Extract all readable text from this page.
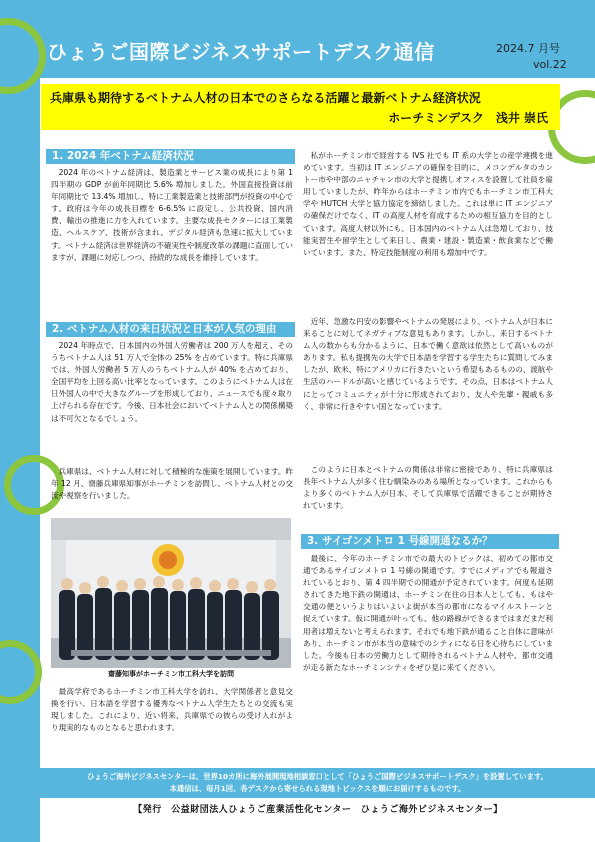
ひょうご国際ビジネスサポートデスク通信	2024.7 月号
vol.22
兵庫県も期待するベトナム人材の日本でのさらなる活躍と最新ベトナム経済状況
ホーチミンデスク　浅井 崇氏
1. 2024 年ベトナム経済状況
2024 年のベトナム経済は、製造業とサービス業の成長により第 1 四半期の GDP が前年同期比 5.6% 増加しました。外国直接投資は前年同期比で 13.4% 増加し、特に工業製造業と技術部門が投資の中心です。政府は今年の成長目標を 6-6.5% に設定し、公共投資、国内消費、輸出の推進に力を入れています。主要な成長セクターには工業製造、ヘルスケア、技術が含まれ、デジタル経済も急速に拡大しています。ベトナム経済は世界経済の不確実性や制度改革の課題に直面していますが、課題に対応しつつ、持続的な成長を維持しています。
2. ベトナム人材の来日状況と日本が人気の理由
2024 年時点で、日本国内の外国人労働者は 200 万人を超え、そのうちベトナム人は 51 万人で全体の 25% を占めています。特に兵庫県では、外国人労働者 5 万人のうちベトナム人が 40% を占めており、全国平均を上回る高い比率となっています。このようにベトナム人は在日外国人の中で大きなグループを形成しており、ニュースでも度々取り上げられる存在です。今後、日本社会においてベトナム人との関係構築は不可欠となるでしょう。
兵庫県は、ベトナム人材に対して積極的な施策を展開しています。昨年 12 月、齋藤兵庫県知事がホーチミンを訪問し、ベトナム人材との交流や視察を行いました。
齋藤知事がホーチミン市工科大学を訪問
最高学府であるホーチミン市工科大学を訪れ、大学関係者と意見交換を行い、日本語を学習する優秀なベトナム人学生たちとの交流も実現しました。これにより、近い将来、兵庫県での彼らの受け入れがより現実的なものとなると思われます。
私がホーチミン市で経営する IVS 社でも IT 系の大学との産学連携を進めています。当初は IT エンジニアの確保を目的に、メコンデルタのカントー市や中部のニャチャン市の大学と提携しオフィスを設置して社員を雇用していましたが、昨年からはホーチミン市内でもホーチミン市工科大学や HUTCH 大学と協力協定を締結しました。これは単に IT エンジニアの確保だけでなく、IT の高度人材を育成するための相互協力を目的としています。高度人材以外にも、日本国内のベトナム人は急増しており、技能実習生や留学生として来日し、農業・建設・製造業・飲食業などで働いています。また、特定技能制度の利用も増加中です。
近年、急激な円安の影響やベトナムの発展により、ベトナム人が日本に来ることに対してネガティブな意見もあります。しかし、来日するベトナム人の数からも分かるように、日本で働く意欲は依然として高いものがあります。私も提携先の大学で日本語を学習する学生たちに質問してみましたが、欧米、特にアメリカに行きたいという希望もあるものの、渡航や生活のハードルが高いと感じているようです。その点、日本はベトナム人にとってコミュニティが十分に形成されており、友人や先輩・親戚も多く、非常に行きやすい国となっています。
このように日本とベトナムの関係は非常に密接であり、特に兵庫県は長年ベトナム人が多く住む馴染みのある場所となっています。これからもより多くのベトナム人が日本、そして兵庫県で活躍できることが期待されています。
3. サイゴンメトロ 1 号線開通なるか？
最後に、今年のホーチミン市での最大のトピックは、初めての都市交通であるサイゴンメトロ 1 号線の開通です。すでにメディアでも報道されているとおり、第 4 四半期での開通が予定されています。何度も延期されてきた地下鉄の開通は、ホーチミン在住の日本人としても、もはや交通の便というよりはいよいよ街が本当の都市になるマイルストーンと捉えています。仮に開通が叶っても、他の路線ができるまではまだまだ利用者は増えないと考えられます。それでも地下鉄が通ること自体に意味があり、ホーチミン市が本当の意味でのシティになる日を心待ちにしていました。今後も日本の労働力として期待されるベトナム人材や、都市交通が走る新たなホーチミンシティをぜひ見に来てください。
ひょうご海外ビジネスセンターは、世界10カ所に海外展開現地相談窓口として「ひょうご国際ビジネスサポートデスク」を設置しています。
本通信は、毎月1回、各デスクから寄せられる現地トピックスを順にお届けするものです。
【発行　公益財団法人ひょうご産業活性化センター　ひょうご海外ビジネスセンター】
